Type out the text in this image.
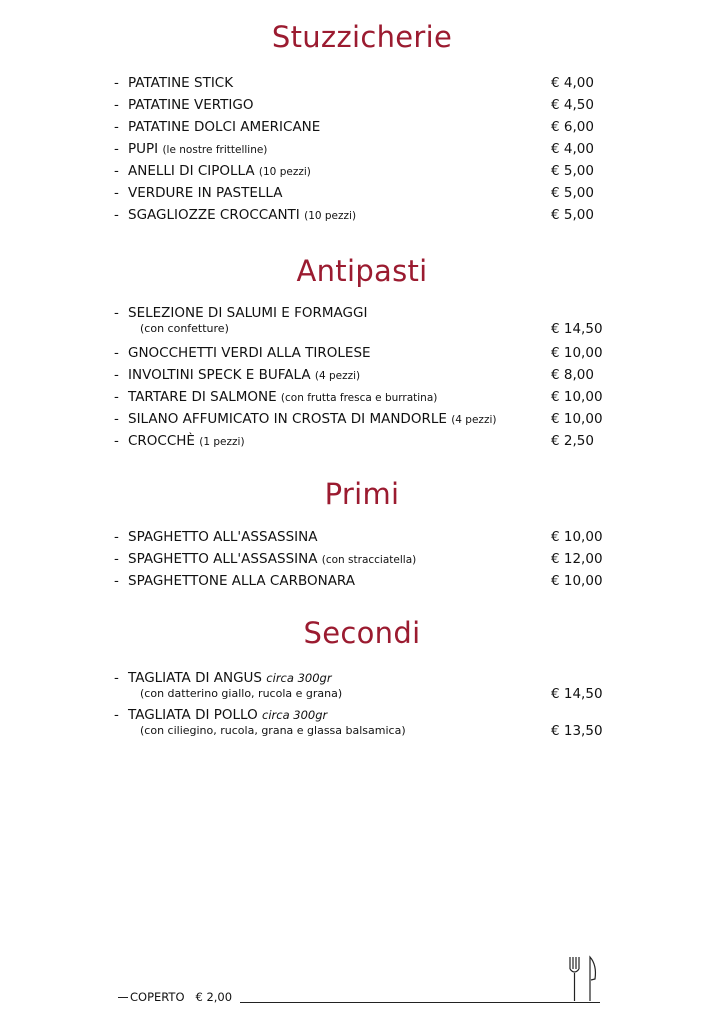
Stuzzicherie
- PATATINE STICK	€ 4,00
- PATATINE VERTIGO	€ 4,50
- PATATINE DOLCI AMERICANE	€ 6,00
- PUPI (le nostre frittelline)	€ 4,00
- ANELLI DI CIPOLLA (10 pezzi)	€ 5,00
- VERDURE IN PASTELLA	€ 5,00
- SGAGLIOZZE CROCCANTI (10 pezzi)	€ 5,00
Antipasti
- SELEZIONE DI SALUMI E FORMAGGI
(con confetture)	€ 14,50
- GNOCCHETTI VERDI ALLA TIROLESE	€ 10,00
- INVOLTINI SPECK E BUFALA (4 pezzi)	€ 8,00
- TARTARE DI SALMONE (con frutta fresca e burratina)	€ 10,00
- SILANO AFFUMICATO IN CROSTA DI MANDORLE (4 pezzi)	€ 10,00
- CROCCHÈ (1 pezzi)	€ 2,50
Primi
- SPAGHETTO ALL'ASSASSINA	€ 10,00
- SPAGHETTO ALL'ASSASSINA (con stracciatella)	€ 12,00
- SPAGHETTONE ALLA CARBONARA	€ 10,00
Secondi
- TAGLIATA DI ANGUS circa 300gr
(con datterino giallo, rucola e grana)	€ 14,50
- TAGLIATA DI POLLO circa 300gr
(con ciliegino, rucola, grana e glassa balsamica)	€ 13,50
COPERTO € 2,00
